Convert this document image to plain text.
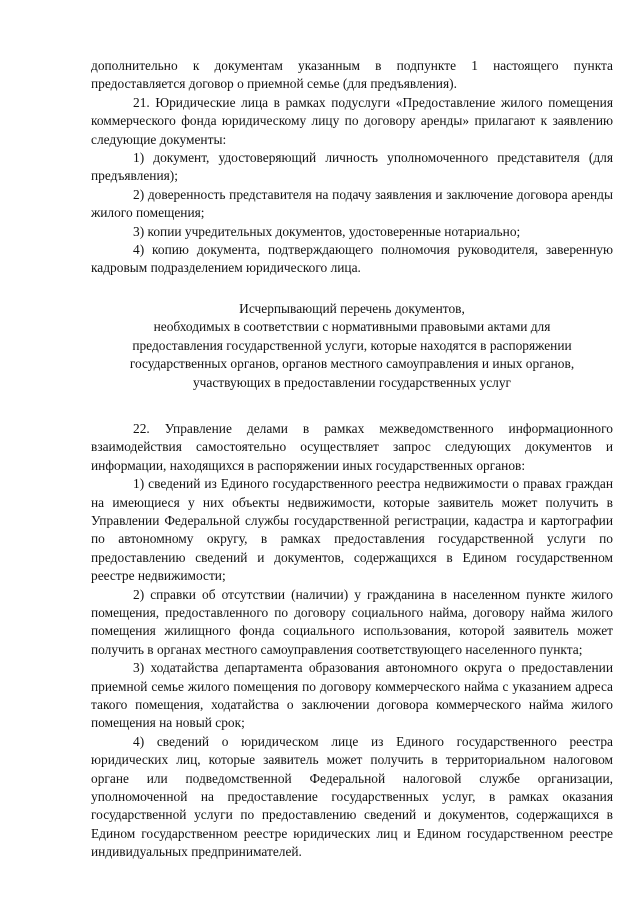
дополнительно к документам указанным в подпункте 1 настоящего пункта предоставляется договор о приемной семье (для предъявления).

21. Юридические лица в рамках подуслуги «Предоставление жилого помещения коммерческого фонда юридическому лицу по договору аренды» прилагают к заявлению следующие документы:

1) документ, удостоверяющий личность уполномоченного представителя (для предъявления);

2) доверенность представителя на подачу заявления и заключение договора аренды жилого помещения;

3) копии учредительных документов, удостоверенные нотариально;

4) копию документа, подтверждающего полномочия руководителя, заверенную кадровым подразделением юридического лица.

Исчерпывающий перечень документов,
необходимых в соответствии с нормативными правовыми актами для
предоставления государственной услуги, которые находятся в распоряжении
государственных органов, органов местного самоуправления и иных органов,
участвующих в предоставлении государственных услуг

22. Управление делами в рамках межведомственного информационного взаимодействия самостоятельно осуществляет запрос следующих документов и информации, находящихся в распоряжении иных государственных органов:

1) сведений из Единого государственного реестра недвижимости о правах граждан на имеющиеся у них объекты недвижимости, которые заявитель может получить в Управлении Федеральной службы государственной регистрации, кадастра и картографии по автономному округу, в рамках предоставления государственной услуги по предоставлению сведений и документов, содержащихся в Едином государственном реестре недвижимости;

2) справки об отсутствии (наличии) у гражданина в населенном пункте жилого помещения, предоставленного по договору социального найма, договору найма жилого помещения жилищного фонда социального использования, которой заявитель может получить в органах местного самоуправления соответствующего населенного пункта;

3) ходатайства департамента образования автономного округа о предоставлении приемной семье жилого помещения по договору коммерческого найма с указанием адреса такого помещения, ходатайства о заключении договора коммерческого найма жилого помещения на новый срок;

4) сведений о юридическом лице из Единого государственного реестра юридических лиц, которые заявитель может получить в территориальном налоговом органе или подведомственной Федеральной налоговой службе организации, уполномоченной на предоставление государственных услуг, в рамках оказания государственной услуги по предоставлению сведений и документов, содержащихся в Едином государственном реестре юридических лиц и Едином государственном реестре индивидуальных предпринимателей.
